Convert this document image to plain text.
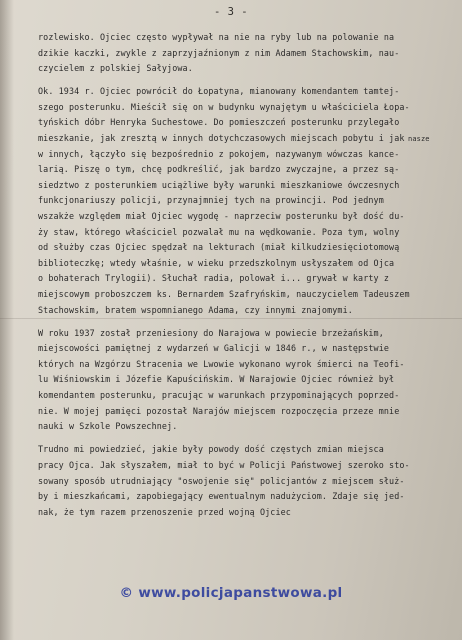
- 3 -
rozlewisko. Ojciec często wypływał na nie na ryby lub na polowanie na
dzikie kaczki, zwykle z zaprzyjaźnionym z nim Adamem Stachowskim, nau-
czycielem z polskiej Sałyjowa.
Ok. 1934 r. Ojciec powrócił do Łopatyna, mianowany komendantem tamtej-
szego posterunku. Mieścił się on w budynku wynajętym u właściciela Łopa-
tyńskich dóbr Henryka Suchestowe. Do pomieszczeń posterunku przylegało
mieszkanie, jak zresztą w innych dotychczasowych miejscach pobytu i jak
w innych, łączyło się bezpośrednio z pokojem, nazywanym wówczas kance-
larią. Piszę o tym, chcę podkreślić, jak bardzo zwyczajne, a przez są-
siedztwo z posterunkiem uciążliwe były warunki mieszkaniowe ówczesnych
funkcjonariuszy policji, przynajmniej tych na prowincji. Pod jednym
wszakże względem miał Ojciec wygodę - naprzeciw posterunku był dość du-
ży staw, którego właściciel pozwalał mu na wędkowanie. Poza tym, wolny
od służby czas Ojciec spędzał na lekturach (miał kilkudziesięciotomową
biblioteczkę; wtedy właśnie, w wieku przedszkolnym usłyszałem od Ojca
o bohaterach Trylogii). Słuchał radia, polował i... grywał w karty z
miejscowym proboszczem ks. Bernardem Szafryńskim, nauczycielem Tadeuszem
Stachowskim, bratem wspomnianego Adama, czy innymi znajomymi.
W roku 1937 został przeniesiony do Narajowa w powiecie brzeżańskim,
miejscowości pamiętnej z wydarzeń w Galicji w 1846 r., w następstwie
których na Wzgórzu Stracenia we Lwowie wykonano wyrok śmierci na Teofi-
lu Wiśniowskim i Józefie Kapuścińskim. W Narajowie Ojciec również był
komendantem posterunku, pracując w warunkach przypominających poprzed-
nie. W mojej pamięci pozostał Narajów miejscem rozpoczęcia przeze mnie
nauki w Szkole Powszechnej.
Trudno mi powiedzieć, jakie były powody dość częstych zmian miejsca
pracy Ojca. Jak słyszałem, miał to być w Policji Państwowej szeroko sto-
sowany sposób utrudniający "oswojenie się" policjantów z miejscem służ-
by i mieszkańcami, zapobiegający ewentualnym nadużyciom. Zdaje się jed-
nak, że tym razem przenoszenie przed wojną Ojciec
nasze
© www.policjapanstwowa.pl
